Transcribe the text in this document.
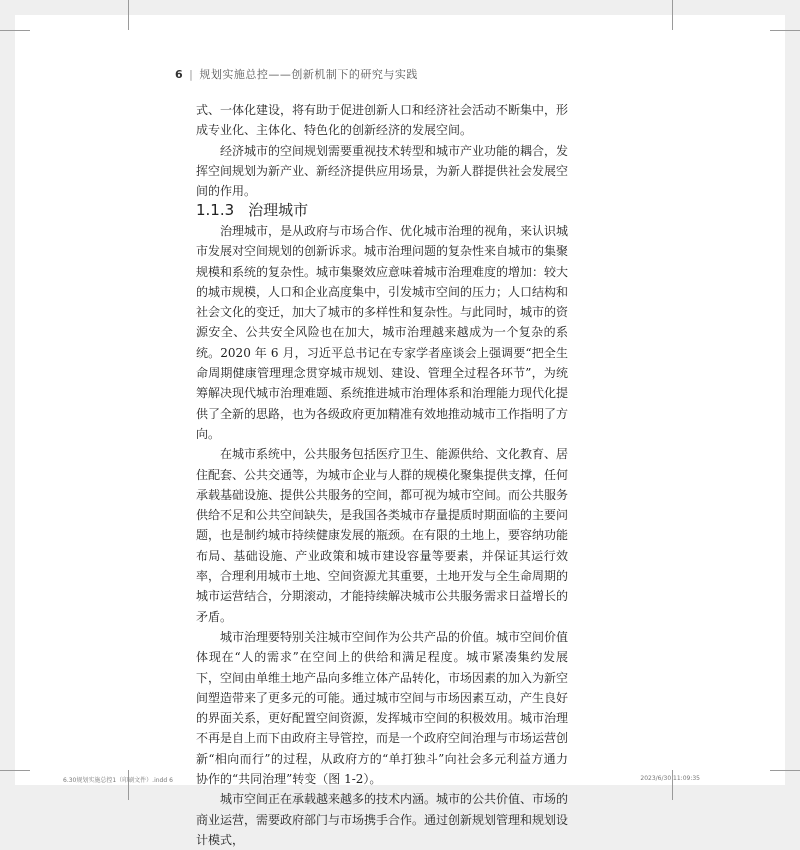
6 | 规划实施总控——创新机制下的研究与实践

式、一体化建设，将有助于促进创新人口和经济社会活动不断集中，形成专业化、主体化、特色化的创新经济的发展空间。

经济城市的空间规划需要重视技术转型和城市产业功能的耦合，发挥空间规划为新产业、新经济提供应用场景，为新人群提供社会发展空间的作用。

1.1.3 治理城市

治理城市，是从政府与市场合作、优化城市治理的视角，来认识城市发展对空间规划的创新诉求。城市治理问题的复杂性来自城市的集聚规模和系统的复杂性。城市集聚效应意味着城市治理难度的增加：较大的城市规模，人口和企业高度集中，引发城市空间的压力；人口结构和社会文化的变迁，加大了城市的多样性和复杂性。与此同时，城市的资源安全、公共安全风险也在加大，城市治理越来越成为一个复杂的系统。2020 年 6 月，习近平总书记在专家学者座谈会上强调要“把全生命周期健康管理理念贯穿城市规划、建设、管理全过程各环节”，为统筹解决现代城市治理难题、系统推进城市治理体系和治理能力现代化提供了全新的思路，也为各级政府更加精准有效地推动城市工作指明了方向。

在城市系统中，公共服务包括医疗卫生、能源供给、文化教育、居住配套、公共交通等，为城市企业与人群的规模化聚集提供支撑，任何承载基础设施、提供公共服务的空间，都可视为城市空间。而公共服务供给不足和公共空间缺失，是我国各类城市存量提质时期面临的主要问题，也是制约城市持续健康发展的瓶颈。在有限的土地上，要容纳功能布局、基础设施、产业政策和城市建设容量等要素，并保证其运行效率，合理利用城市土地、空间资源尤其重要，土地开发与全生命周期的城市运营结合，分期滚动，才能持续解决城市公共服务需求日益增长的矛盾。

城市治理要特别关注城市空间作为公共产品的价值。城市空间价值体现在“人的需求”在空间上的供给和满足程度。城市紧凑集约发展下，空间由单维土地产品向多维立体产品转化，市场因素的加入为新空间塑造带来了更多元的可能。通过城市空间与市场因素互动，产生良好的界面关系，更好配置空间资源，发挥城市空间的积极效用。城市治理不再是自上而下由政府主导管控，而是一个政府空间治理与市场运营创新“相向而行”的过程，从政府方的“单打独斗”向社会多元利益方通力协作的“共同治理”转变（图 1-2）。

城市空间正在承载越来越多的技术内涵。城市的公共价值、市场的商业运营，需要政府部门与市场携手合作。通过创新规划管理和规划设计模式，

6.30规划实施总控1（印刷文件）.indd 6	2023/6/30 11:09:35
